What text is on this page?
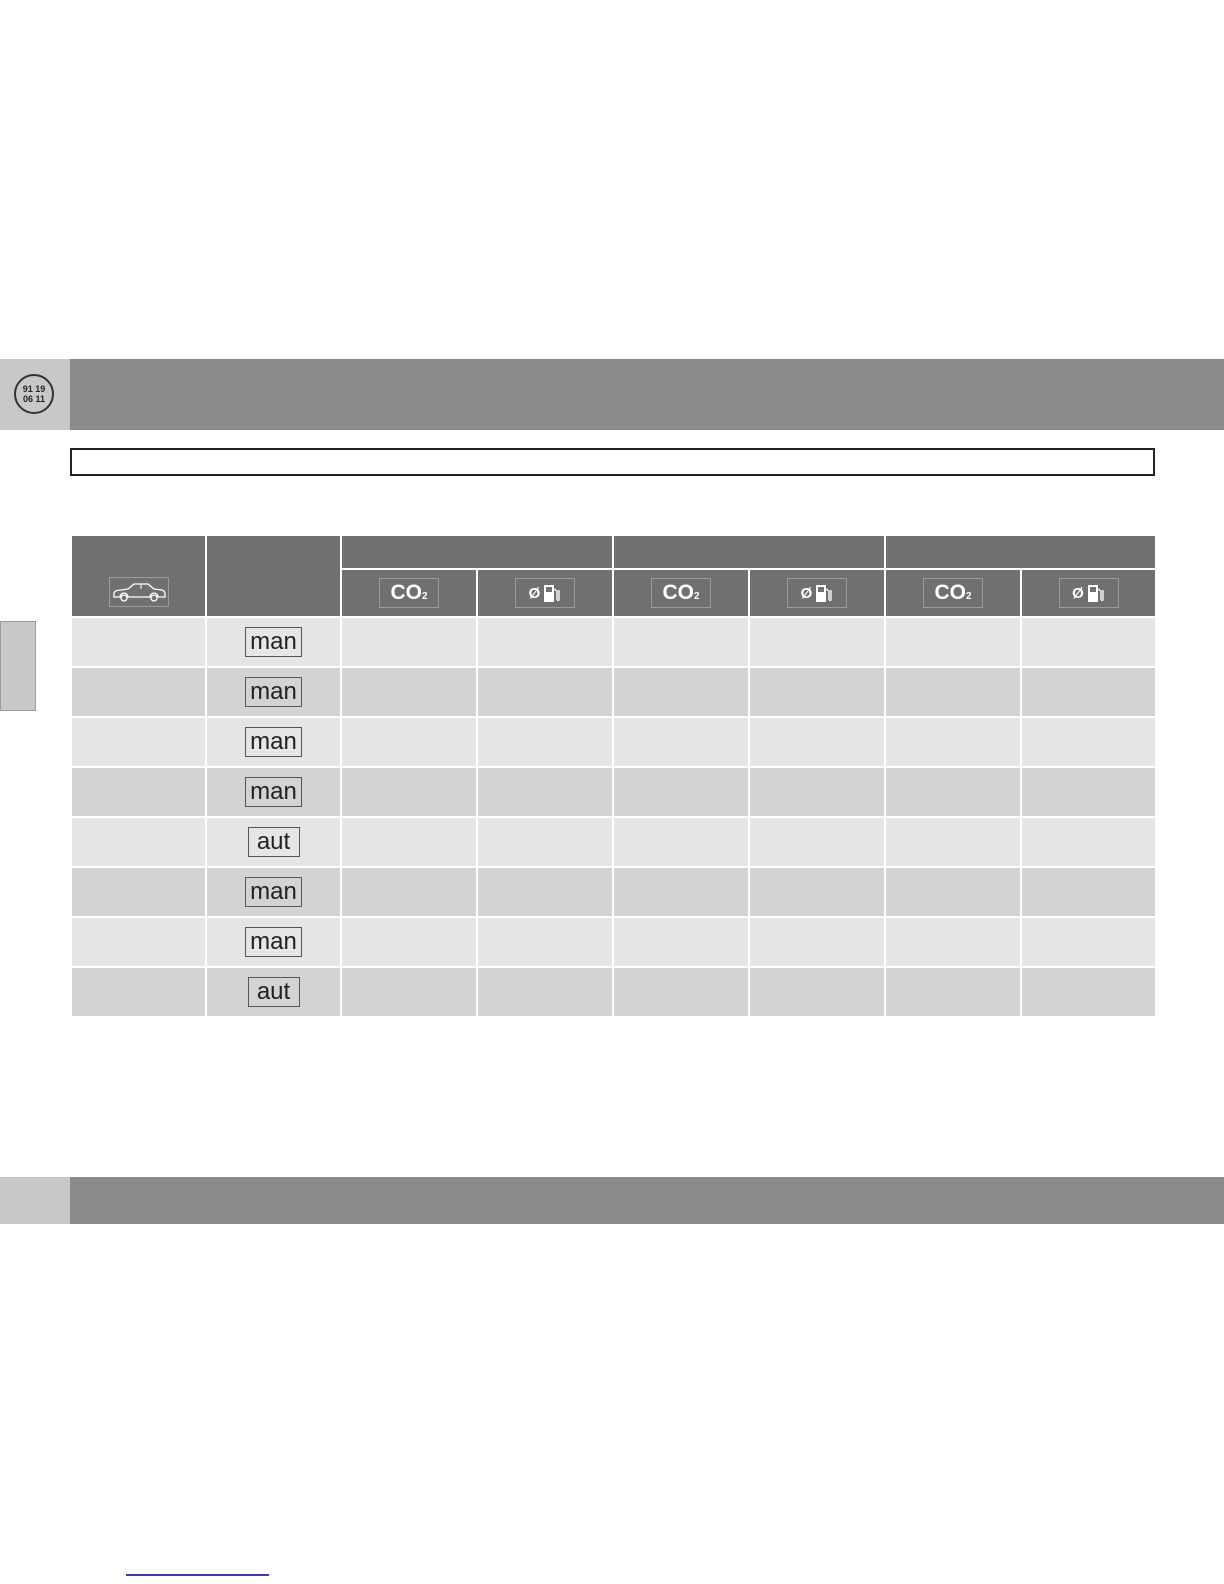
91 19
06 11

		$CO_2$	Ø	$CO_2$	Ø	$CO_2$	Ø

	man						
	man						
	man						
	man						
	aut						
	man						
	man						
	aut						
